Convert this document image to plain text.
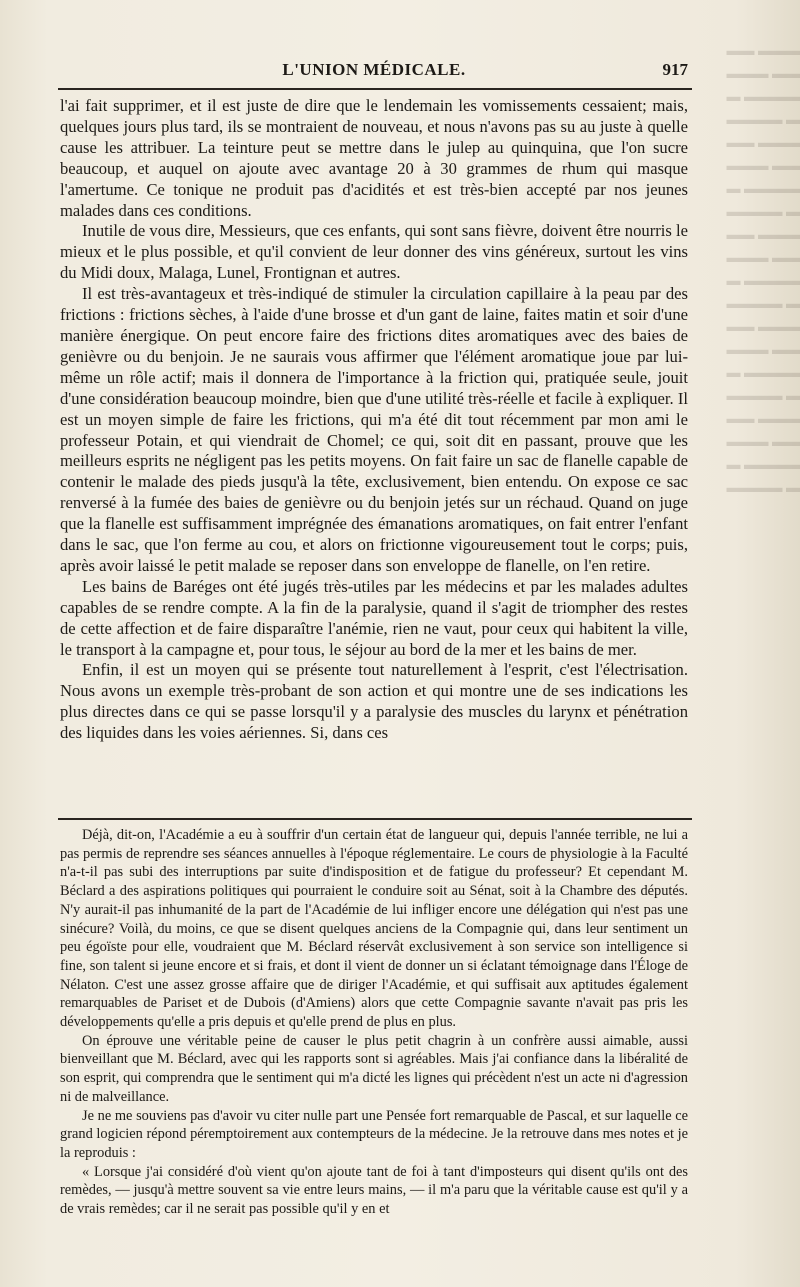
▬▬▬ ▬▬
▬▬ ▬▬▬
▬▬▬▬ ▬
▬ ▬▬▬▬
▬▬▬ ▬▬
▬▬ ▬▬▬
▬▬▬▬ ▬
▬ ▬▬▬▬
▬▬▬ ▬▬
▬▬ ▬▬▬
▬▬▬▬ ▬
▬ ▬▬▬▬
▬▬▬ ▬▬
▬▬ ▬▬▬
▬▬▬▬ ▬
▬ ▬▬▬▬
▬▬▬ ▬▬
▬▬ ▬▬▬
▬▬▬▬ ▬
▬ ▬▬▬▬
L'UNION MÉDICALE.	917

l'ai fait supprimer, et il est juste de dire que le lendemain les vomissements cessaient; mais, quelques jours plus tard, ils se montraient de nouveau, et nous n'avons pas su au juste à quelle cause les attribuer. La teinture peut se mettre dans le julep au quinquina, que l'on sucre beaucoup, et auquel on ajoute avec avantage 20 à 30 grammes de rhum qui masque l'amertume. Ce tonique ne produit pas d'acidités et est très-bien accepté par nos jeunes malades dans ces conditions.

Inutile de vous dire, Messieurs, que ces enfants, qui sont sans fièvre, doivent être nourris le mieux et le plus possible, et qu'il convient de leur donner des vins généreux, surtout les vins du Midi doux, Malaga, Lunel, Frontignan et autres.

Il est très-avantageux et très-indiqué de stimuler la circulation capillaire à la peau par des frictions : frictions sèches, à l'aide d'une brosse et d'un gant de laine, faites matin et soir d'une manière énergique. On peut encore faire des frictions dites aromatiques avec des baies de genièvre ou du benjoin. Je ne saurais vous affirmer que l'élément aromatique joue par lui-même un rôle actif; mais il donnera de l'importance à la friction qui, pratiquée seule, jouit d'une considération beaucoup moindre, bien que d'une utilité très-réelle et facile à expliquer. Il est un moyen simple de faire les frictions, qui m'a été dit tout récemment par mon ami le professeur Potain, et qui viendrait de Chomel; ce qui, soit dit en passant, prouve que les meilleurs esprits ne négligent pas les petits moyens. On fait faire un sac de flanelle capable de contenir le malade des pieds jusqu'à la tête, exclusivement, bien entendu. On expose ce sac renversé à la fumée des baies de genièvre ou du benjoin jetés sur un réchaud. Quand on juge que la flanelle est suffisamment imprégnée des émanations aromatiques, on fait entrer l'enfant dans le sac, que l'on ferme au cou, et alors on frictionne vigoureusement tout le corps; puis, après avoir laissé le petit malade se reposer dans son enveloppe de flanelle, on l'en retire.

Les bains de Baréges ont été jugés très-utiles par les médecins et par les malades adultes capables de se rendre compte. A la fin de la paralysie, quand il s'agit de triompher des restes de cette affection et de faire disparaître l'anémie, rien ne vaut, pour ceux qui habitent la ville, le transport à la campagne et, pour tous, le séjour au bord de la mer et les bains de mer.

Enfin, il est un moyen qui se présente tout naturellement à l'esprit, c'est l'électrisation. Nous avons un exemple très-probant de son action et qui montre une de ses indications les plus directes dans ce qui se passe lorsqu'il y a paralysie des muscles du larynx et pénétration des liquides dans les voies aériennes. Si, dans ces

Déjà, dit-on, l'Académie a eu à souffrir d'un certain état de langueur qui, depuis l'année terrible, ne lui a pas permis de reprendre ses séances annuelles à l'époque réglementaire. Le cours de physiologie à la Faculté n'a-t-il pas subi des interruptions par suite d'indisposition et de fatigue du professeur? Et cependant M. Béclard a des aspirations politiques qui pourraient le conduire soit au Sénat, soit à la Chambre des députés. N'y aurait-il pas inhumanité de la part de l'Académie de lui infliger encore une délégation qui n'est pas une sinécure? Voilà, du moins, ce que se disent quelques anciens de la Compagnie qui, dans leur sentiment un peu égoïste pour elle, voudraient que M. Béclard réservât exclusivement à son service son intelligence si fine, son talent si jeune encore et si frais, et dont il vient de donner un si éclatant témoignage dans l'Éloge de Nélaton. C'est une assez grosse affaire que de diriger l'Académie, et qui suffisait aux aptitudes également remarquables de Pariset et de Dubois (d'Amiens) alors que cette Compagnie savante n'avait pas pris les développements qu'elle a pris depuis et qu'elle prend de plus en plus.

On éprouve une véritable peine de causer le plus petit chagrin à un confrère aussi aimable, aussi bienveillant que M. Béclard, avec qui les rapports sont si agréables. Mais j'ai confiance dans la libéralité de son esprit, qui comprendra que le sentiment qui m'a dicté les lignes qui précèdent n'est un acte ni d'agression ni de malveillance.

Je ne me souviens pas d'avoir vu citer nulle part une Pensée fort remarquable de Pascal, et sur laquelle ce grand logicien répond péremptoirement aux contempteurs de la médecine. Je la retrouve dans mes notes et je la reproduis :

« Lorsque j'ai considéré d'où vient qu'on ajoute tant de foi à tant d'imposteurs qui disent qu'ils ont des remèdes, — jusqu'à mettre souvent sa vie entre leurs mains, — il m'a paru que la véritable cause est qu'il y a de vrais remèdes; car il ne serait pas possible qu'il y en et
